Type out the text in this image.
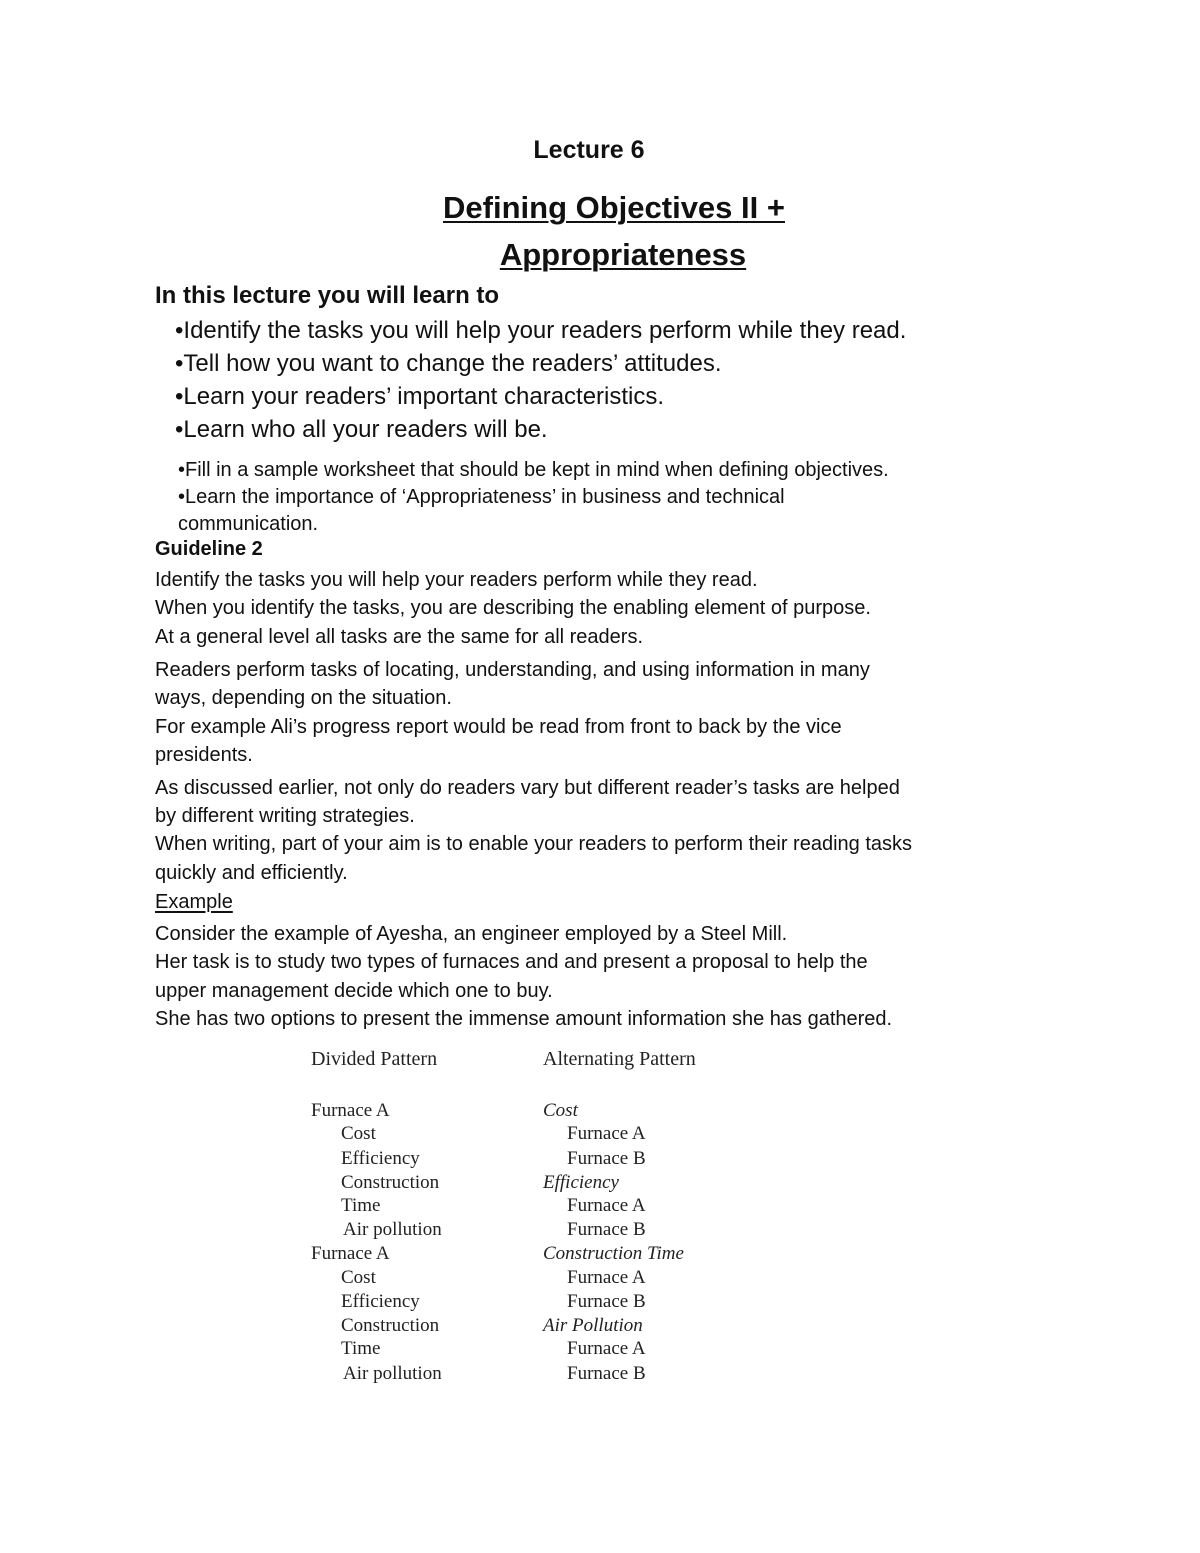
Lecture 6
Defining Objectives II +
Appropriateness
In this lecture you will learn to
•Identify the tasks you will help your readers perform while they read.
•Tell how you want to change the readers’ attitudes.
•Learn your readers’ important characteristics.
•Learn who all your readers will be.
•Fill in a sample worksheet that should be kept in mind when defining objectives.
•Learn the importance of ‘Appropriateness’ in business and technical
communication.
Guideline 2
Identify the tasks you will help your readers perform while they read.
When you identify the tasks, you are describing the enabling element of purpose.
At a general level all tasks are the same for all readers.
Readers perform tasks of locating, understanding, and using information in many
ways, depending on the situation.
For example Ali’s progress report would be read from front to back by the vice
presidents.
As discussed earlier, not only do readers vary but different reader’s tasks are helped
by different writing strategies.
When writing, part of your aim is to enable your readers to perform their reading tasks
quickly and efficiently.
Example
Consider the example of Ayesha, an engineer employed by a Steel Mill.
Her task is to study two types of furnaces and and present a proposal to help the
upper management decide which one to buy.
She has two options to present the immense amount information she has gathered.
Divided Pattern
Furnace A
Cost
Efficiency
Construction
Time
Air pollution
Furnace A
Cost
Efficiency
Construction
Time
Air pollution
Alternating Pattern
Cost
Furnace A
Furnace B
Efficiency
Furnace A
Furnace B
Construction Time
Furnace A
Furnace B
Air Pollution
Furnace A
Furnace B
